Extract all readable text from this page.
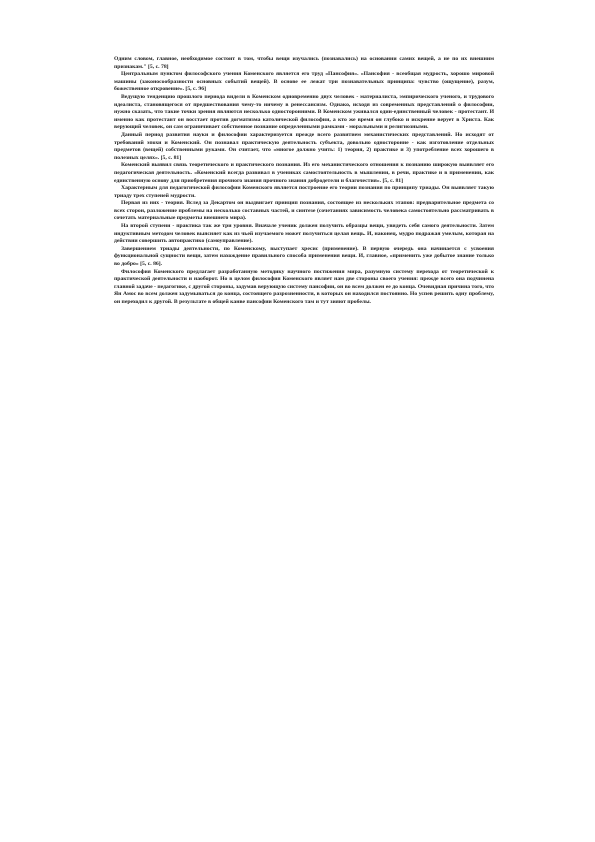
Одним словом, главное, необходимое состоит в том, чтобы вещи изучались (познавались) на основании самих вещей, а не по их внешним признакам." [5, с. 78]

Центральным пунктом философского учения Коменского является его труд «Пансофия». «Пансофия - всеобщая мудрость, хорошо мировой машины (законосообразности основных событий вещей). В основе ее лежат три познавательных принципа: чувство (ощущение), разум, божественное откровение». [5, с. 96]

Ведущую тенденцию прошлого периода видели в Коменском одновременно двух человек - материалиста, эмпирического ученого, и трудового идеалиста, становящегося от предшествования чему-то ничему в ренессансизм. Однако, исходя из современных представлений о философии, нужно сказать, что такие точки зрения являются несколько односторонними. В Коменском уживался один-единственный человек - протестант. И именно как протестант он восстает против догматизма католической философии, а кто же время он глубоко и искренне верует в Христа. Как верующий человек, он сам ограничивает собственное познание определенными рамками - моральными и религиозными.

Данный период развития науки и философии характеризуется прежде всего развитием механистических представлений. Но исходят от требований эпохи и Коменский. Он познавал практическую деятельность субъекта, довольно односторонне - как изготовление отдельных предметов (вещей) собственными руками. Он считает, что «многое должно учить: 1) теория, 2) практике и 3) употребление всех хорошего в полезных целях». [5, с. 81]

Коменский выявил связь теоретического и практического познания. Из его механистического отношения к познанию широкую выявляет его педагогическая деятельность. «Коменский всегда развивал в учениках самостоятельность в мышлении, в речи, практике и в применении, как единственную основу для приобретения прочного знания прочного знания добродетели и благочестия». [5, с. 81]

Характерным для педагогической философии Коменского является построение его теории познания по принципу триады. Он выявляет такую триаду трех ступеней мудрости.

Первая из них - теория. Вслед за Декартом он выдвигает принцип познания, состоящее из нескольких этапов: предварительное предмета со всех сторон, разложение проблемы на несколько составных частей, и синтезе (сочетаниях зависимость человека самостоятельно рассматривать в сочетать материальные предметы внешнего мира).

На второй ступени - практика так же три уровня. Вначале ученик должен получить образцы вещи, увидеть себя самого деятельности. Затем индуктивным методом человек выясняет как из чьей изучаемого может получиться целая вещь. И, наконец, мудро подражая умелым, которая на действии совершить автопрактико (самоуправление).

Завершением триады деятельности, по Коменскому, выступает хресис (применение). В первую очередь она начинается с усвоения функциональной сущности вещи, затем нахождение правильного способа применения вещи. И, главное, «применить уже добытое знание только во добро» [5, с. 86].

Философия Коменского предлагает разработанную методику научного постижения мира, разумную систему перехода от теоретической к практической деятельности и наоборот. Но в целом философия Коменского являет нам две стороны своего учения: прежде всего она подчинена главной задаче - педагогике, с другой стороны, задумав верующую систему пансофии, он во всем должен ее до конца. Очевидная причина того, что Ян Амос во всем должен задумываться до конца, состоящего разрозненности, в которых он находился постоянно. Но успев решить одну проблему, он переходил к другой. В результате в общей канве пансофии Коменского там и тут зияют пробелы.
